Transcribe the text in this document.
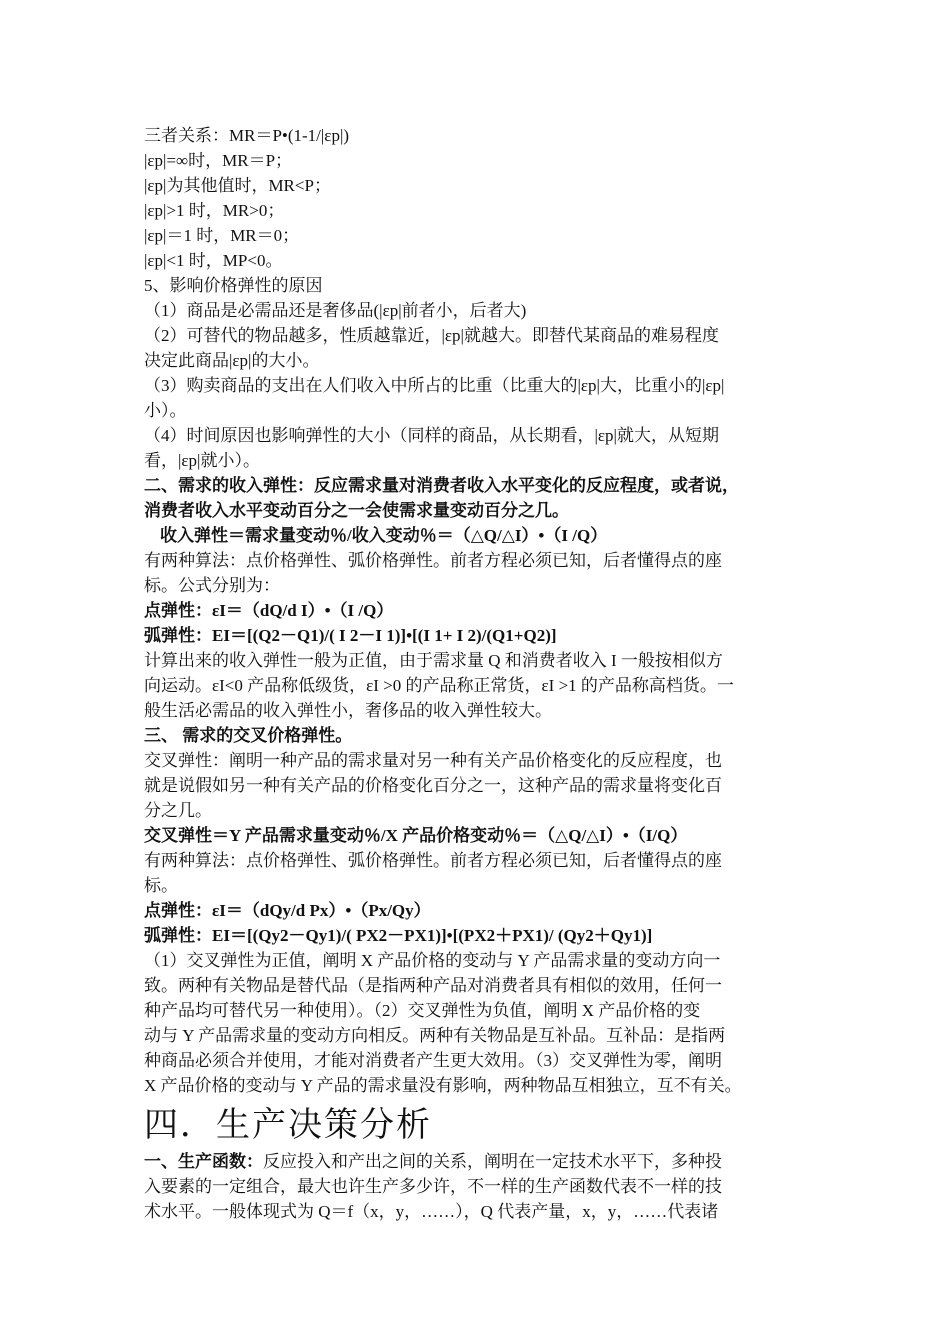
三者关系：MR＝P•(1-1/|εp|)
|εp|=∞时，MR＝P；
|εp|为其他值时，MR<P；
|εp|>1 时，MR>0；
|εp|＝1 时，MR＝0；
|εp|<1 时，MP<0。
5、影响价格弹性的原因
（1）商品是必需品还是奢侈品(|εp|前者小，后者大)
（2）可替代的物品越多，性质越靠近，|εp|就越大。即替代某商品的难易程度
决定此商品|εp|的大小。
（3）购卖商品的支出在人们收入中所占的比重（比重大的|εp|大，比重小的|εp|
小）。
（4）时间原因也影响弹性的大小（同样的商品，从长期看，|εp|就大，从短期
看，|εp|就小）。
二、需求的收入弹性：反应需求量对消费者收入水平变化的反应程度，或者说，
消费者收入水平变动百分之一会使需求量变动百分之几。
收入弹性＝需求量变动％/收入变动％＝（△Q/△I）•（I /Q）
有两种算法：点价格弹性、弧价格弹性。前者方程必须已知，后者懂得点的座
标。公式分别为：
点弹性：εI＝（dQ/d I）•（I /Q）
弧弹性：EI＝[(Q2－Q1)/( I 2－I 1)]•[(I 1+ I 2)/(Q1+Q2)]
计算出来的收入弹性一般为正值，由于需求量 Q 和消费者收入 I 一般按相似方
向运动。εI<0 产品称低级货，εI >0 的产品称正常货，εI >1 的产品称高档货。一
般生活必需品的收入弹性小，奢侈品的收入弹性较大。
三、 需求的交叉价格弹性。
交叉弹性：阐明一种产品的需求量对另一种有关产品价格变化的反应程度，也
就是说假如另一种有关产品的价格变化百分之一，这种产品的需求量将变化百
分之几。
交叉弹性＝Y 产品需求量变动％/X 产品价格变动％＝（△Q/△I）•（I/Q）
有两种算法：点价格弹性、弧价格弹性。前者方程必须已知，后者懂得点的座
标。
点弹性：εI＝（dQy/d Px）•（Px/Qy）
弧弹性：EI＝[(Qy2－Qy1)/( PX2－PX1)]•[(PX2＋PX1)/ (Qy2＋Qy1)]
（1）交叉弹性为正值，阐明 X 产品价格的变动与 Y 产品需求量的变动方向一
致。两种有关物品是替代品（是指两种产品对消费者具有相似的效用，任何一
种产品均可替代另一种使用）。（2）交叉弹性为负值，阐明 X 产品价格的变
动与 Y 产品需求量的变动方向相反。两种有关物品是互补品。互补品：是指两
种商品必须合并使用，才能对消费者产生更大效用。（3）交叉弹性为零，阐明
X 产品价格的变动与 Y 产品的需求量没有影响，两种物品互相独立，互不有关。
四．生产决策分析
一、生产函数：反应投入和产出之间的关系，阐明在一定技术水平下，多种投
入要素的一定组合，最大也许生产多少许，不一样的生产函数代表不一样的技
术水平。一般体现式为 Q＝f（x，y，……），Q 代表产量，x，y，……代表诸
